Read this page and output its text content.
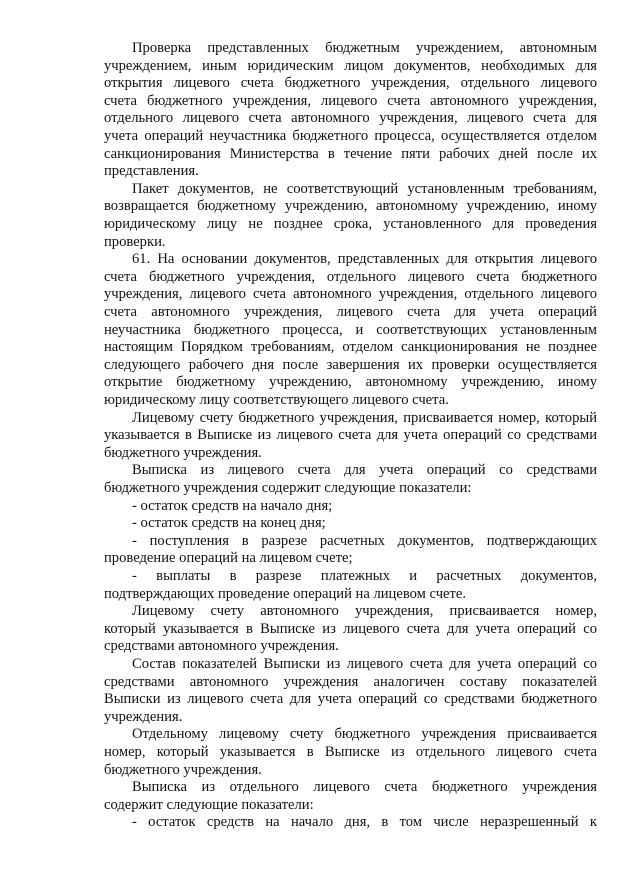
Проверка представленных бюджетным учреждением, автономным
учреждением, иным юридическим лицом документов, необходимых для
открытия лицевого счета бюджетного учреждения, отдельного лицевого
счета бюджетного учреждения, лицевого счета автономного учреждения,
отдельного лицевого счета автономного учреждения, лицевого счета для
учета операций неучастника бюджетного процесса, осуществляется отделом
санкционирования Министерства в течение пяти рабочих дней после их
представления.
Пакет документов, не соответствующий установленным требованиям,
возвращается бюджетному учреждению, автономному учреждению, иному
юридическому лицу не позднее срока, установленного для проведения
проверки.
61. На основании документов, представленных для открытия лицевого
счета бюджетного учреждения, отдельного лицевого счета бюджетного
учреждения, лицевого счета автономного учреждения, отдельного лицевого
счета автономного учреждения, лицевого счета для учета операций
неучастника бюджетного процесса, и соответствующих установленным
настоящим Порядком требованиям, отделом санкционирования не позднее
следующего рабочего дня после завершения их проверки осуществляется
открытие бюджетному учреждению, автономному учреждению, иному
юридическому лицу соответствующего лицевого счета.
Лицевому счету бюджетного учреждения, присваивается номер, который
указывается в Выписке из лицевого счета для учета операций со средствами
бюджетного учреждения.
Выписка из лицевого счета для учета операций со средствами
бюджетного учреждения содержит следующие показатели:
- остаток средств на начало дня;
- остаток средств на конец дня;
- поступления в разрезе расчетных документов, подтверждающих
проведение операций на лицевом счете;
- выплаты в разрезе платежных и расчетных документов,
подтверждающих проведение операций на лицевом счете.
Лицевому счету автономного учреждения, присваивается номер,
который указывается в Выписке из лицевого счета для учета операций со
средствами автономного учреждения.
Состав показателей Выписки из лицевого счета для учета операций со
средствами автономного учреждения аналогичен составу показателей
Выписки из лицевого счета для учета операций со средствами бюджетного
учреждения.
Отдельному лицевому счету бюджетного учреждения присваивается
номер, который указывается в Выписке из отдельного лицевого счета
бюджетного учреждения.
Выписка из отдельного лицевого счета бюджетного учреждения
содержит следующие показатели:
- остаток средств на начало дня, в том числе неразрешенный к
